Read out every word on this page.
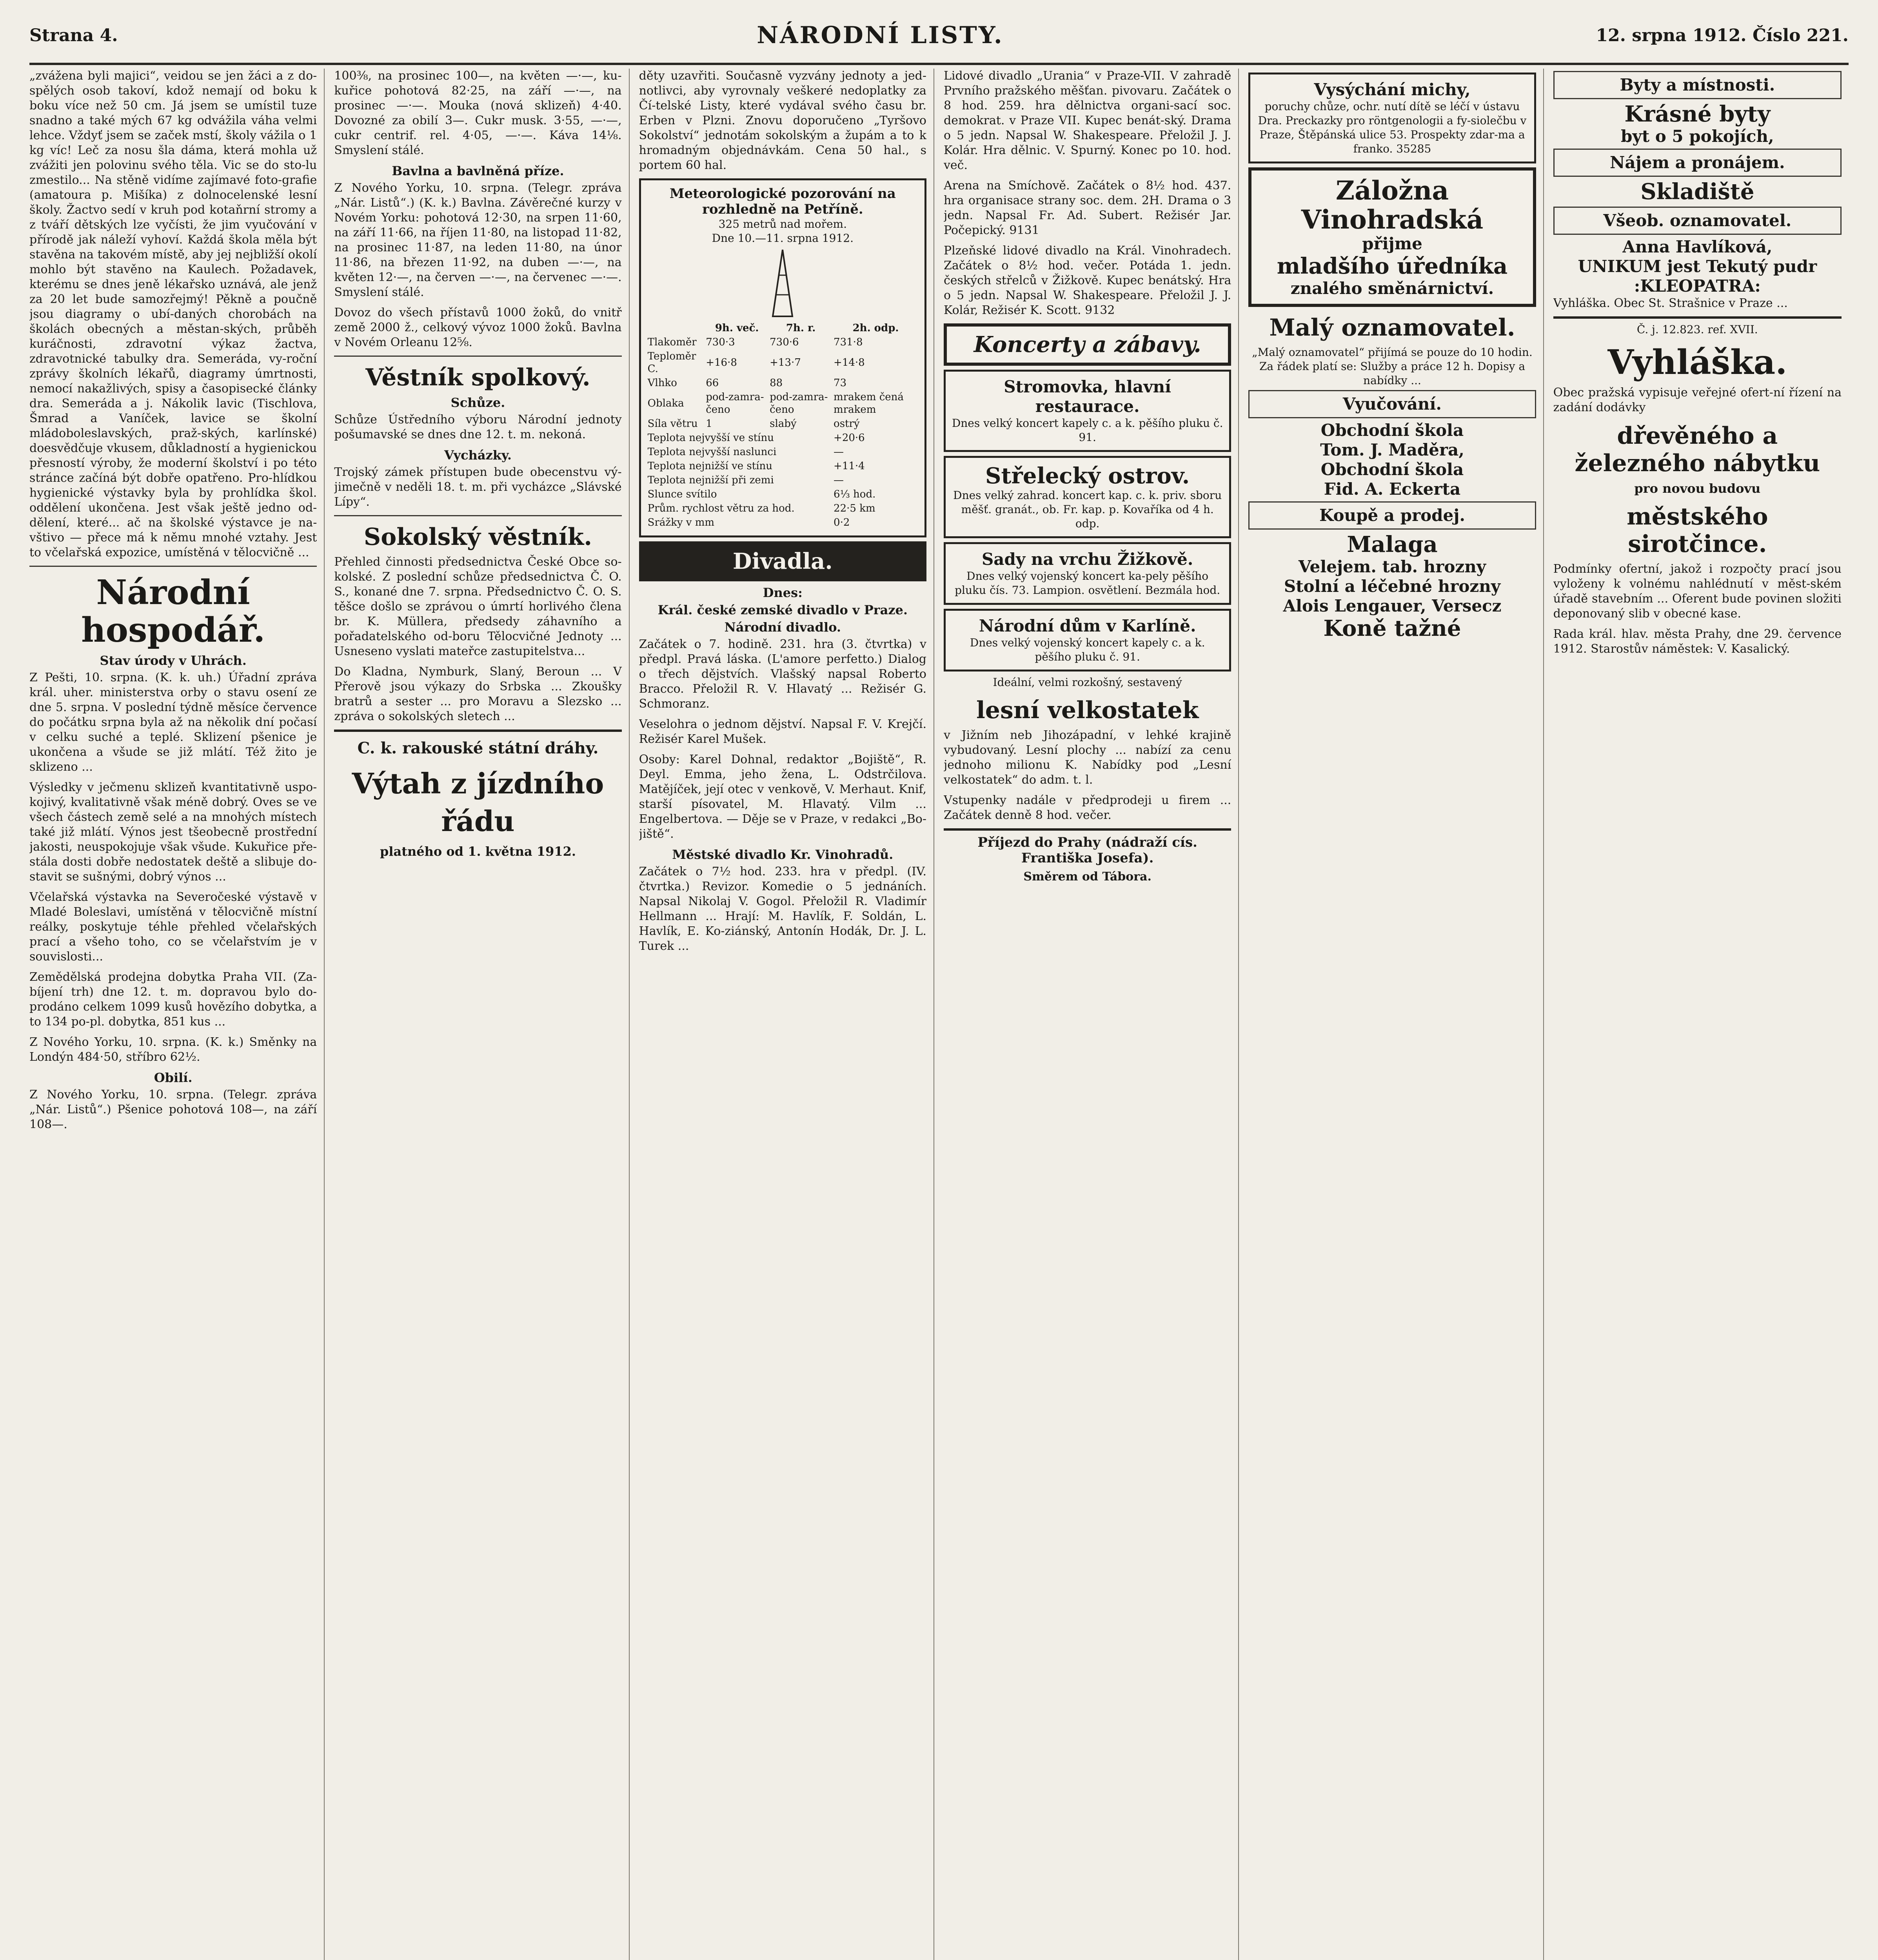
Strana 4.	NÁRODNÍ LISTY.	12. srpna 1912. Číslo 221.

„zvážena byli majici“, veidou se jen žáci a z do-spělých osob takoví, kdož nemají od boku k boku více než 50 cm. Já jsem se umístil tuze snadno a také mých 67 kg odvážila váha velmi lehce. Vždyť jsem se začek mstí, školy vážila o 1 kg víc! Leč za nosu šla dáma, která mohla už zvážiti jen polovinu svého těla. Vic se do sto-lu zmestilo... Na stěně vidíme zajímavé foto-grafie (amatoura p. Mišíka) z dolnocelenské lesní školy. Žactvo sedí v kruh pod kotaňrní stromy a z tváří dětských lze vyčísti, že jim vyučování v přírodě jak náleží vyhoví. Každá škola měla být stavěna na takovém místě, aby jej nejbližší okolí mohlo být stavěno na Kaulech. Požadavek, kterému se dnes jeně lékařsko uznává, ale jenž za 20 let bude samozřejmý! Pěkně a poučně jsou diagramy o ubí-daných chorobách na školách obecných a městan-ských, průběh kuráčnosti, zdravotní výkaz žactva, zdravotnické tabulky dra. Semeráda, vy-roční zprávy školních lékařů, diagramy úmrtnosti, nemocí nakažlivých, spisy a časopisecké články dra. Semeráda a j. Nákolik lavic (Tischlova, Šmrad a Vaníček, lavice se školní mládoboleslavských, praž-ských, karlínské) doesvědčuje vkusem, důkladností a hygienickou přesností výroby, že moderní školství i po této stránce začíná být dobře opatřeno. Pro-hlídkou hygienické výstavky byla by prohlídka škol. oddělení ukončena. Jest však ještě jedno od-dělení, které... ač na školské výstavce je na-vštivo — přece má k němu mnohé vztahy. Jest to včelařská expozice, umístěná v tělocvičně ...

Národní hospodář.
Stav úrody v Uhrách.

Z Pešti, 10. srpna. (K. k. uh.) Úřadní zpráva král. uher. ministerstva orby o stavu osení ze dne 5. srpna. V poslední týdně měsíce července do počátku srpna byla až na několik dní počasí v celku suché a teplé. Sklizení pšenice je ukončena a všude se již mlátí. Též žito je sklizeno ...

Výsledky v ječmenu sklizeň kvantitativně uspo-kojivý, kvalitativně však méně dobrý. Oves se ve všech částech země selé a na mnohých místech také již mlátí. Výnos jest tšeobecně prostřední jakosti, neuspokojuje však všude. Kukuřice pře-stála dosti dobře nedostatek deště a slibuje do-stavit se sušnými, dobrý výnos ...

Včelařská výstavka na Severočeské výstavě v Mladé Boleslavi, umístěná v tělocvičně místní reálky, poskytuje téhle přehled včelařských prací a všeho toho, co se včelařstvím je v souvislosti...

Zemědělská prodejna dobytka Praha VII. (Za-bíjení trh) dne 12. t. m. dopravou bylo do-prodáno celkem 1099 kusů hovězího dobytka, a to 134 po-pl. dobytka, 851 kus ...

Z Nového Yorku, 10. srpna. (K. k.) Směnky na Londýn 484·50, stříbro 62½.

Obilí.

Z Nového Yorku, 10. srpna. (Telegr. zpráva „Nár. Listů“.) Pšenice pohotová 108—, na září 108—.

100⅜, na prosinec 100—, na květen —·—, ku-kuřice pohotová 82·25, na září —·—, na prosinec —·—. Mouka (nová sklizeň) 4·40. Dovozné za obilí 3—. Cukr musk. 3·55, —·—, cukr centrif. rel. 4·05, —·—. Káva 14⅛. Smyslení stálé.

Bavlna a bavlněná příze.

Z Nového Yorku, 10. srpna. (Telegr. zpráva „Nár. Listů“.) (K. k.) Bavlna. Závěrečné kurzy v Novém Yorku: pohotová 12·30, na srpen 11·60, na září 11·66, na říjen 11·80, na listopad 11·82, na prosinec 11·87, na leden 11·80, na únor 11·86, na březen 11·92, na duben —·—, na květen 12·—, na červen —·—, na červenec —·—. Smyslení stálé.

Dovoz do všech přístavů 1000 žoků, do vnitř země 2000 ž., celkový vývoz 1000 žoků. Bavlna v Novém Orleanu 12⅝.

Věstník spolkový.
Schůze.

Schůze Ústředního výboru Národní jednoty pošumavské se dnes dne 12. t. m. nekoná.

Vycházky.

Trojský zámek přístupen bude obecenstvu vý-jimečně v neděli 18. t. m. při vycházce „Slávské Lípy“.

Sokolský věstník.

Přehled činnosti předsednictva České Obce so-kolské. Z poslední schůze předsednictva Č. O. S., konané dne 7. srpna. Předsednictvo Č. O. S. těšce došlo se zprávou o úmrtí horlivého člena br. K. Müllera, předsedy záhavního a pořadatelského od-boru Tělocvičné Jednoty ... Usneseno vyslati mateřce zastupitelstva...

Do Kladna, Nymburk, Slaný, Beroun ... V Přerově jsou výkazy do Srbska ... Zkoušky bratrů a sester ... pro Moravu a Slezsko ... zpráva o sokolských sletech ...

C. k. rakouské státní dráhy.
Výtah z jízdního řádu
platného od 1. května 1912.

děty uzavřiti. Současně vyzvány jednoty a jed-notlivci, aby vyrovnaly veškeré nedoplatky za Čí-telské Listy, které vydával svého času br. Erben v Plzni. Znovu doporučeno „Tyršovo Sokolství“ jednotám sokolským a župám a to k hromadným objednávkám. Cena 50 hal., s portem 60 hal.

Meteorologické pozorování na rozhledně na Petříně.
325 metrů nad mořem.
Dne 10.—11. srpna 1912.
	9h. več.	7h. r.	2h. odp.
Tlakoměr	730·3	730·6	731·8
Teploměr C.	+16·8	+13·7	+14·8
Vlhko	66	88	73
Oblaka	pod-zamra-čeno	pod-zamra-čeno	mrakem čená mrakem
Síla větru	1	slabý	ostrý
Teplota nejvyšší ve stínu			+20·6
Teplota nejvyšší naslunci			—
Teplota nejnižší ve stínu			+11·4
Teplota nejnižší při zemi			—
Slunce svítilo			6⅓ hod.
Prům. rychlost větru za hod.			22·5 km
Srážky v mm			0·2
Divadla.
Dnes:
Král. české zemské divadlo v Praze.
Národní divadlo.

Začátek o 7. hodině. 231. hra (3. čtvrtka) v předpl. Pravá láska. (L'amore perfetto.) Dialog o třech dějstvích. Vlašský napsal Roberto Bracco. Přeložil R. V. Hlavatý ... Režisér G. Schmoranz.

Veselohra o jednom dějství. Napsal F. V. Krejčí. Režisér Karel Mušek.

Osoby: Karel Dohnal, redaktor „Bojiště“, R. Deyl. Emma, jeho žena, L. Odstrčilova. Matějíček, její otec v venkově, V. Merhaut. Knif, starší písovatel, M. Hlavatý. Vilm ... Engelbertova. — Děje se v Praze, v redakci „Bo-jiště“.

Městské divadlo Kr. Vinohradů.

Začátek o 7½ hod. 233. hra v předpl. (IV. čtvrtka.) Revizor. Komedie o 5 jednáních. Napsal Nikolaj V. Gogol. Přeložil R. Vladimír Hellmann ... Hrají: M. Havlík, F. Soldán, L. Havlík, E. Ko-ziánský, Antonín Hodák, Dr. J. L. Turek ...

Lidové divadlo „Urania“ v Praze-VII. V zahradě Prvního pražského měšťan. pivovaru. Začátek o 8 hod. 259. hra dělnictva organi-sací soc. demokrat. v Praze VII. Kupec benát-ský. Drama o 5 jedn. Napsal W. Shakespeare. Přeložil J. J. Kolár. Hra dělnic. V. Spurný. Konec po 10. hod. več.

Arena na Smíchově. Začátek o 8½ hod. 437. hra organisace strany soc. dem. 2H. Drama o 3 jedn. Napsal Fr. Ad. Subert. Režisér Jar. Počepický. 9131

Plzeňské lidové divadlo na Král. Vinohradech. Začátek o 8½ hod. večer. Potáda 1. jedn. českých střelců v Žižkově. Kupec benátský. Hra o 5 jedn. Napsal W. Shakespeare. Přeložil J. J. Kolár, Režisér K. Scott. 9132

Koncerty a zábavy.
Stromovka, hlavní restaurace.
Dnes velký koncert kapely c. a k. pěšího pluku č. 91.
Střelecký ostrov.
Dnes velký zahrad. koncert kap. c. k. priv. sboru měšť. granát., ob. Fr. kap. p. Kovaříka od 4 h. odp.
Sady na vrchu Žižkově.
Dnes velký vojenský koncert ka-pely pěšího pluku čís. 73. Lampion. osvětlení. Bezmála hod.
Národní dům v Karlíně.
Dnes velký vojenský koncert kapely c. a k. pěšího pluku č. 91.
Ideální, velmi rozkošný, sestavený
lesní velkostatek

v Jižním neb Jihozápadní, v lehké krajině vybudovaný. Lesní plochy ... nabízí za cenu jednoho milionu K. Nabídky pod „Lesní velkostatek“ do adm. t. l.

Vstupenky nadále v předprodeji u firem ... Začátek denně 8 hod. večer.

Příjezd do Prahy (nádraží cís. Františka Josefa).
Směrem od Tábora.
Vysýchání michy,
poruchy chůze, ochr. nutí dítě se léčí v ústavu Dra. Preckazky pro röntgenologii a fy-siolečbu v Praze, Štěpánská ulice 53. Prospekty zdar-ma a franko. 35285
Záložna Vinohradská
přijme
mladšího úředníka
znalého směnárnictví.
Malý oznamovatel.
„Malý oznamovatel“ přijímá se pouze do 10 hodin. Za řádek platí se: Služby a práce 12 h. Dopisy a nabídky ...
Vyučování.
Obchodní škola
Tom. J. Maděra,
Obchodní škola
Fid. A. Eckerta
Koupě a prodej.
Malaga
Velejem. tab. hrozny
Stolní a léčebné hrozny
Alois Lengauer, Versecz
Koně tažné
Byty a místnosti.
Krásné byty
byt o 5 pokojích,
Nájem a pronájem.
Skladiště
Všeob. oznamovatel.
Anna Havlíková,
UNIKUM jest Tekutý pudr :KLEOPATRA:

Vyhláška. Obec St. Strašnice v Praze ...

Č. j. 12.823. ref. XVII.
Vyhláška.

Obec pražská vypisuje veřejné ofert-ní řízení na zadání dodávky

dřevěného a železného nábytku
pro novou budovu
městského sirotčince.

Podmínky ofertní, jakož i rozpočty prací jsou vyloženy k volnému nahlédnutí v měst-ském úřadě stavebním ... Oferent bude povinen složiti deponovaný slib v obecné kase.

Rada král. hlav. města Prahy, dne 29. července 1912. Starostův náměstek: V. Kasalický.
